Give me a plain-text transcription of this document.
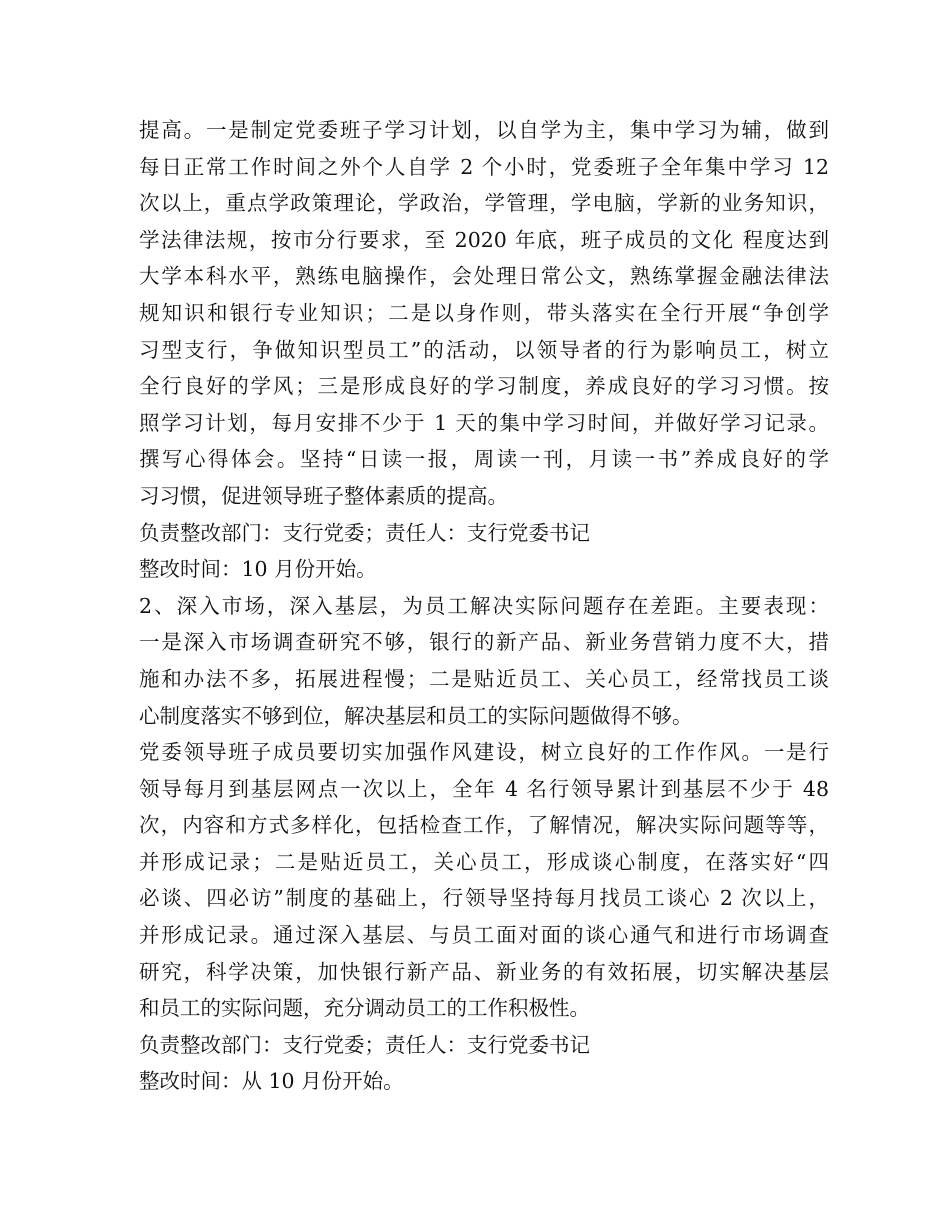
提高。一是制定党委班子学习计划，以自学为主，集中学习为辅，做到
每日正常工作时间之外个人自学 2 个小时，党委班子全年集中学习 12
次以上，重点学政策理论，学政治，学管理，学电脑，学新的业务知识，
学法律法规，按市分行要求，至 2020 年底，班子成员的文化 程度达到
大学本科水平，熟练电脑操作，会处理日常公文，熟练掌握金融法律法
规知识和银行专业知识；二是以身作则，带头落实在全行开展“争创学
习型支行，争做知识型员工”的活动，以领导者的行为影响员工，树立
全行良好的学风；三是形成良好的学习制度，养成良好的学习习惯。按
照学习计划，每月安排不少于 1 天的集中学习时间，并做好学习记录。
撰写心得体会。坚持“日读一报，周读一刊，月读一书”养成良好的学
习习惯，促进领导班子整体素质的提高。
负责整改部门：支行党委；责任人：支行党委书记
整改时间：10 月份开始。
2、深入市场，深入基层，为员工解决实际问题存在差距。主要表现：
一是深入市场调查研究不够，银行的新产品、新业务营销力度不大，措
施和办法不多，拓展进程慢；二是贴近员工、关心员工，经常找员工谈
心制度落实不够到位，解决基层和员工的实际问题做得不够。
党委领导班子成员要切实加强作风建设，树立良好的工作作风。一是行
领导每月到基层网点一次以上，全年 4 名行领导累计到基层不少于 48
次，内容和方式多样化，包括检查工作，了解情况，解决实际问题等等，
并形成记录；二是贴近员工，关心员工，形成谈心制度，在落实好“四
必谈、四必访”制度的基础上，行领导坚持每月找员工谈心 2 次以上，
并形成记录。通过深入基层、与员工面对面的谈心通气和进行市场调查
研究，科学决策，加快银行新产品、新业务的有效拓展，切实解决基层
和员工的实际问题，充分调动员工的工作积极性。
负责整改部门：支行党委；责任人：支行党委书记
整改时间：从 10 月份开始。
